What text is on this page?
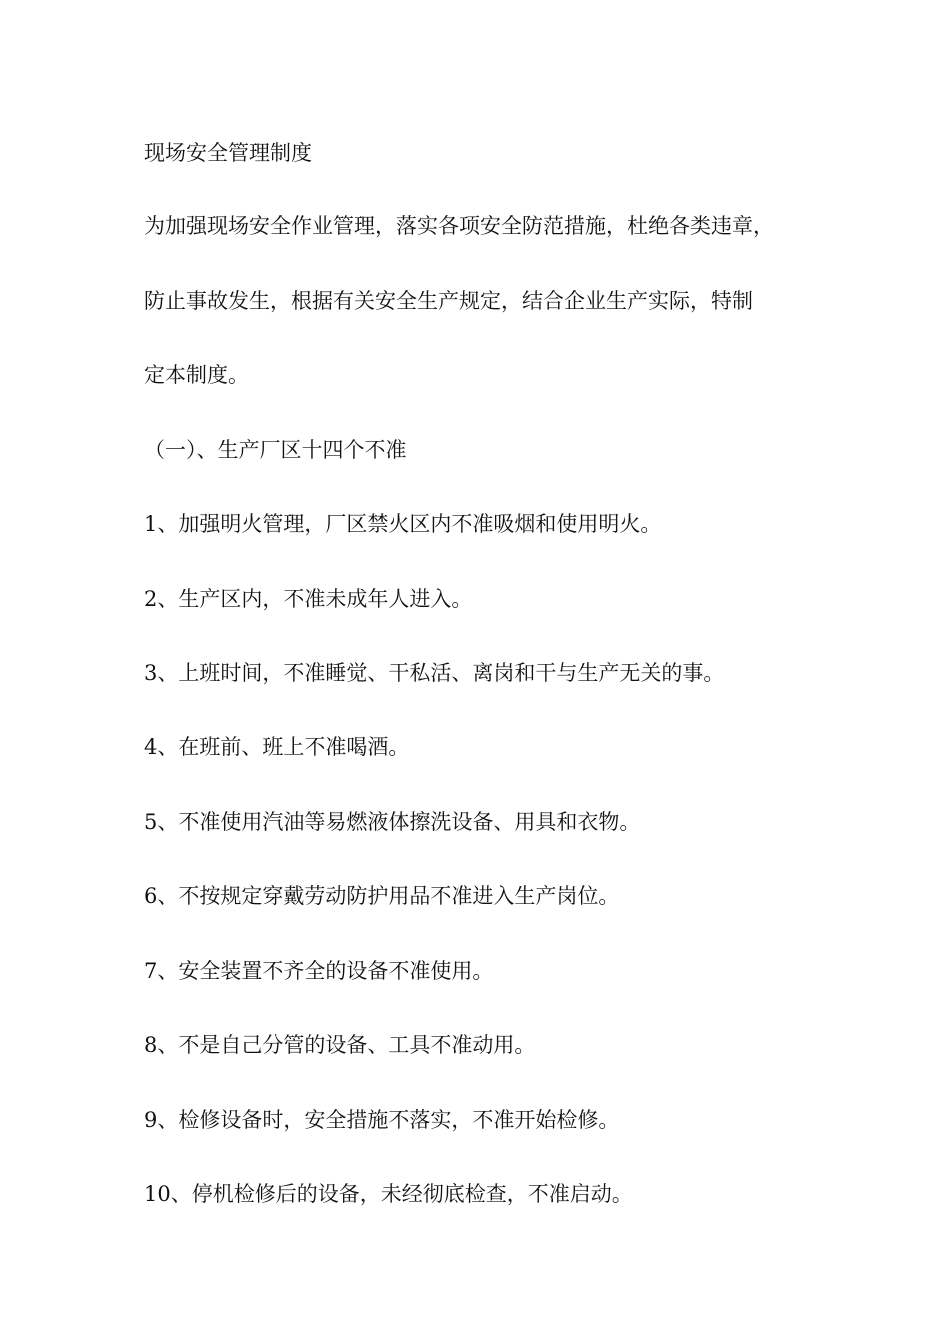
现场安全管理制度

为加强现场安全作业管理，落实各项安全防范措施，杜绝各类违章，

防止事故发生，根据有关安全生产规定，结合企业生产实际，特制

定本制度。

（一）、生产厂区十四个不准

1、加强明火管理，厂区禁火区内不准吸烟和使用明火。

2、生产区内，不准未成年人进入。

3、上班时间，不准睡觉、干私活、离岗和干与生产无关的事。

4、在班前、班上不准喝酒。

5、不准使用汽油等易燃液体擦洗设备、用具和衣物。

6、不按规定穿戴劳动防护用品不准进入生产岗位。

7、安全装置不齐全的设备不准使用。

8、不是自己分管的设备、工具不准动用。

9、检修设备时，安全措施不落实，不准开始检修。

10、停机检修后的设备，未经彻底检查，不准启动。
